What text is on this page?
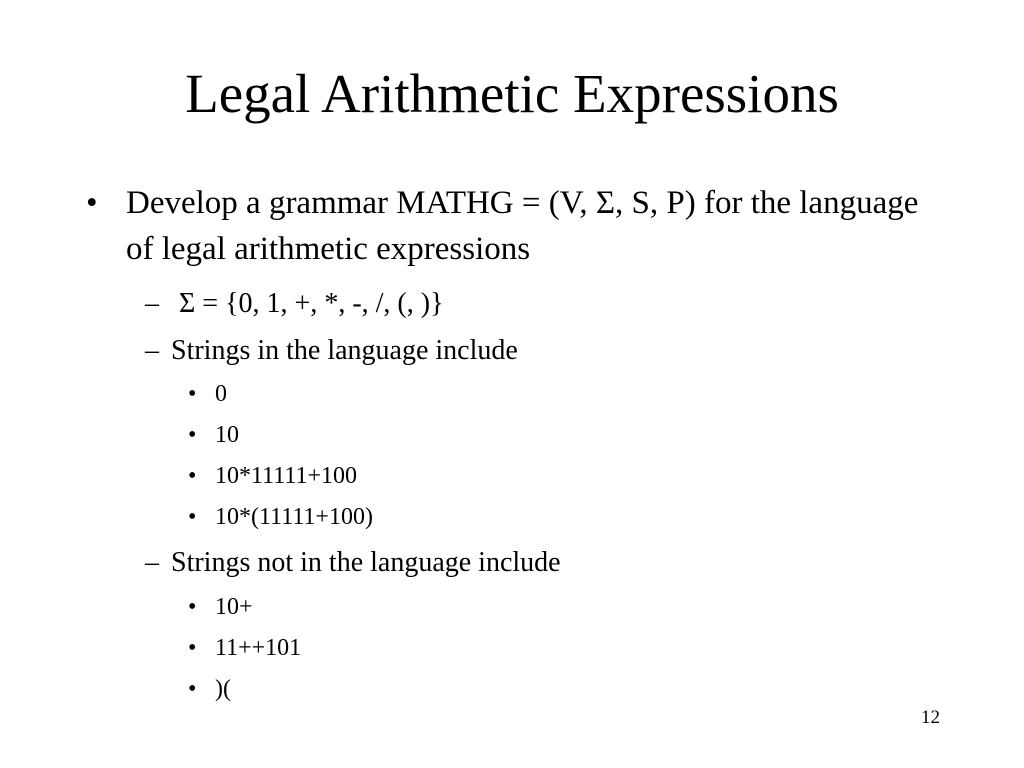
Legal Arithmetic Expressions
• Develop a grammar MATHG = (V, Σ, S, P) for the language of legal arithmetic expressions
– Σ = {0, 1, +, *, -, /, (, )}
– Strings in the language include
• 0
• 10
• 10*11111+100
• 10*(11111+100)
– Strings not in the language include
• 10+
• 11++101
• )(
12
